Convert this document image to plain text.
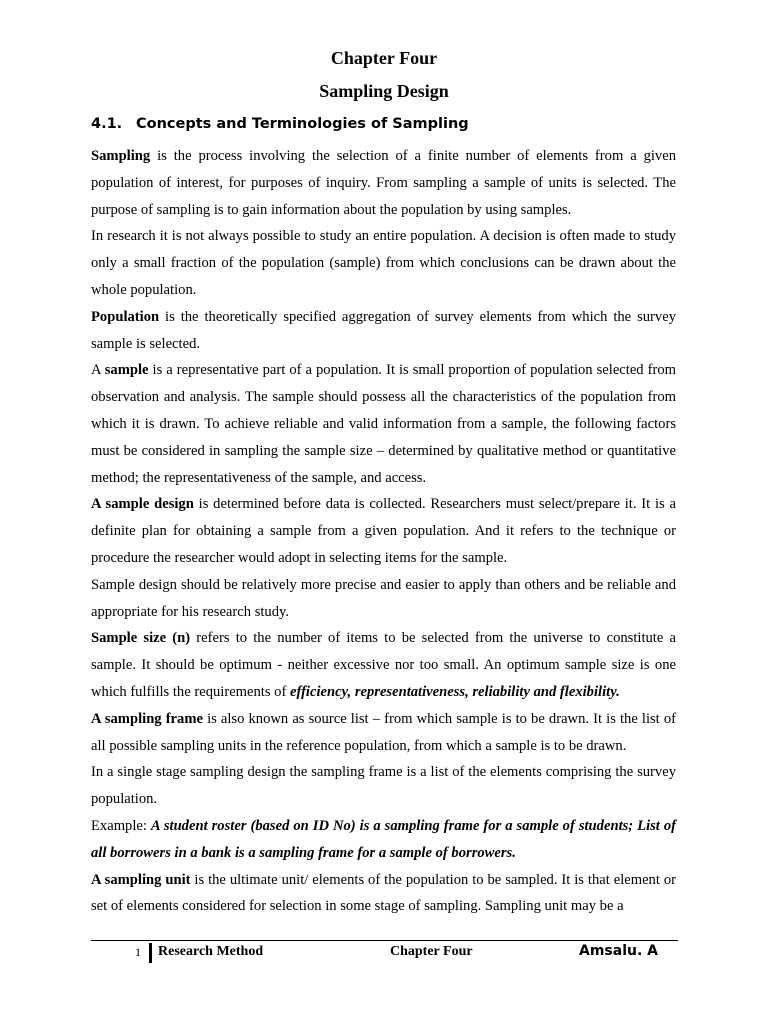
Chapter Four
Sampling Design
4.1. Concepts and Terminologies of Sampling

Sampling is the process involving the selection of a finite number of elements from a given population of interest, for purposes of inquiry. From sampling a sample of units is selected. The purpose of sampling is to gain information about the population by using samples.

In research it is not always possible to study an entire population. A decision is often made to study only a small fraction of the population (sample) from which conclusions can be drawn about the whole population.

Population is the theoretically specified aggregation of survey elements from which the survey sample is selected.

A sample is a representative part of a population. It is small proportion of population selected from observation and analysis. The sample should possess all the characteristics of the population from which it is drawn. To achieve reliable and valid information from a sample, the following factors must be considered in sampling the sample size – determined by qualitative method or quantitative method; the representativeness of the sample, and access.

A sample design is determined before data is collected. Researchers must select/prepare it. It is a definite plan for obtaining a sample from a given population. And it refers to the technique or procedure the researcher would adopt in selecting items for the sample.

Sample design should be relatively more precise and easier to apply than others and be reliable and appropriate for his research study.

Sample size (n) refers to the number of items to be selected from the universe to constitute a sample. It should be optimum - neither excessive nor too small. An optimum sample size is one which fulfills the requirements of efficiency, representativeness, reliability and flexibility.

A sampling frame is also known as source list – from which sample is to be drawn. It is the list of all possible sampling units in the reference population, from which a sample is to be drawn.

In a single stage sampling design the sampling frame is a list of the elements comprising the survey population.

Example: A student roster (based on ID No) is a sampling frame for a sample of students; List of all borrowers in a bank is a sampling frame for a sample of borrowers.

A sampling unit is the ultimate unit/ elements of the population to be sampled. It is that element or set of elements considered for selection in some stage of sampling. Sampling unit may be a

1 Research Method	Chapter Four	Amsalu. A
